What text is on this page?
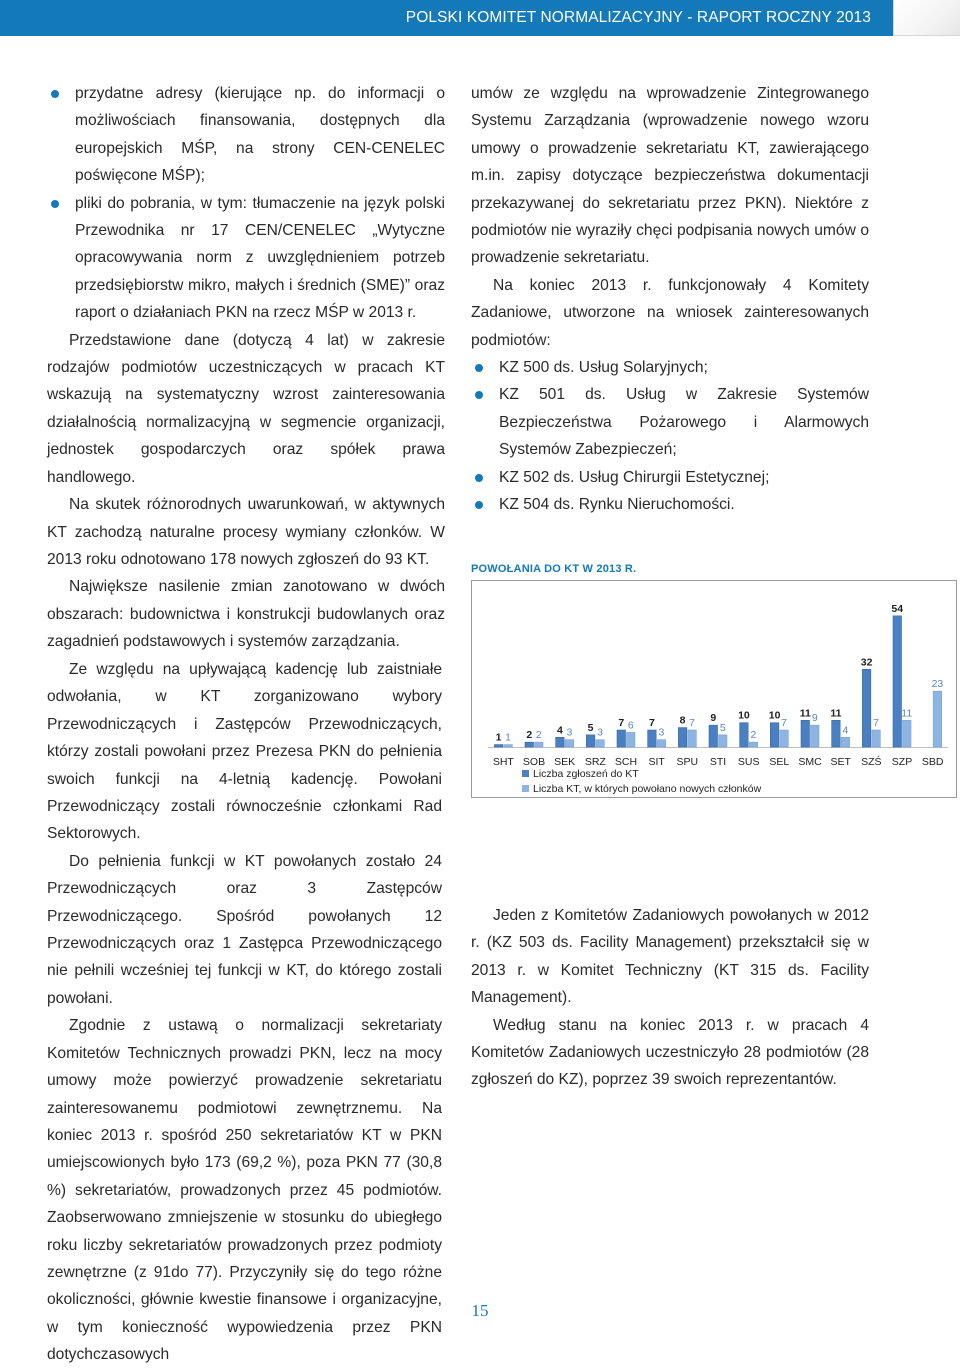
POLSKI KOMITET NORMALIZACYJNY - RAPORT ROCZNY 2013
przydatne adresy (kierujące np. do informacji o możliwościach finansowania, dostępnych dla europejskich MŚP, na strony CEN-CENELEC poświęcone MŚP);
pliki do pobrania, w tym: tłumaczenie na język polski Przewodnika nr 17 CEN/CENELEC „Wytyczne opracowywania norm z uwzględnieniem potrzeb przedsiębiorstw mikro, małych i średnich (SME)” oraz raport o działaniach PKN na rzecz MŚP w 2013 r.

Przedstawione dane (dotyczą 4 lat) w zakresie rodzajów podmiotów uczestniczących w pracach KT wskazują na systematyczny wzrost zainteresowania działalnością normalizacyjną w segmencie organizacji, jednostek gospodarczych oraz spółek prawa handlowego.

Na skutek różnorodnych uwarunkowań, w aktywnych KT zachodzą naturalne procesy wymiany członków. W 2013 roku odnotowano 178 nowych zgłoszeń do 93 KT.

Największe nasilenie zmian zanotowano w dwóch obszarach: budownictwa i konstrukcji budowlanych oraz zagadnień podstawowych i systemów zarządzania.

Ze względu na upływającą kadencję lub zaistniałe odwołania, w KT zorganizowano wybory Przewodniczących i Zastępców Przewodniczących, którzy zostali powołani przez Prezesa PKN do pełnienia swoich funkcji na 4-letnią kadencję. Powołani Przewodniczący zostali równocześnie członkami Rad Sektorowych.

Do pełnienia funkcji w KT powołanych zostało 24 Przewodniczących oraz 3 Zastępców Przewodniczącego. Spośród powołanych 12 Przewodniczących oraz 1 Zastępca Przewodniczącego nie pełnili wcześniej tej funkcji w KT, do którego zostali powołani.

Zgodnie z ustawą o normalizacji sekretariaty Komitetów Technicznych prowadzi PKN, lecz na mocy umowy może powierzyć prowadzenie sekretariatu zainteresowanemu podmiotowi zewnętrznemu. Na koniec 2013 r. spośród 250 sekretariatów KT w PKN umiejscowionych było 173 (69,2 %), poza PKN 77 (30,8 %) sekretariatów, prowadzonych przez 45 podmiotów. Zaobserwowano zmniejszenie w stosunku do ubiegłego roku liczby sekretariatów prowadzonych przez podmioty zewnętrzne (z 91do 77). Przyczyniły się do tego różne okoliczności, głównie kwestie finansowe i organizacyjne, w tym konieczność wypowiedzenia przez PKN dotychczasowych

umów ze względu na wprowadzenie Zintegrowanego Systemu Zarządzania (wprowadzenie nowego wzoru umowy o prowadzenie sekretariatu KT, zawierającego m.in. zapisy dotyczące bezpieczeństwa dokumentacji przekazywanej do sekretariatu przez PKN). Niektóre z podmiotów nie wyraziły chęci podpisania nowych umów o prowadzenie sekretariatu.

Na koniec 2013 r. funkcjonowały 4 Komitety Zadaniowe, utworzone na wniosek zainteresowanych podmiotów:

KZ 500 ds. Usług Solaryjnych;
KZ 501 ds. Usług w Zakresie Systemów Bezpieczeństwa Pożarowego i Alarmowych Systemów Zabezpieczeń;
KZ 502 ds. Usług Chirurgii Estetycznej;
KZ 504 ds. Rynku Nieruchomości.
POWOŁANIA DO KT W 2013 R.
1 1
SHT
2 2
SOB
4 3
SEK
5 3
SRZ
7 6
SCH
7
3
SIT
8 7
SPU
9
5
STI
10
2
SUS
10
7
SEL
11 9
SMC
11
4
SET
32
7
SZŚ
54
11
SZP
23
SBD
Liczba zgłoszeń do KT
Liczba KT, w których powołano nowych członków

Jeden z Komitetów Zadaniowych powołanych w 2012 r. (KZ 503 ds. Facility Management) przekształcił się w 2013 r. w Komitet Techniczny (KT 315 ds. Facility Management).

Według stanu na koniec 2013 r. w pracach 4 Komitetów Zadaniowych uczestniczyło 28 podmiotów (28 zgłoszeń do KZ), poprzez 39 swoich reprezentantów.

15
